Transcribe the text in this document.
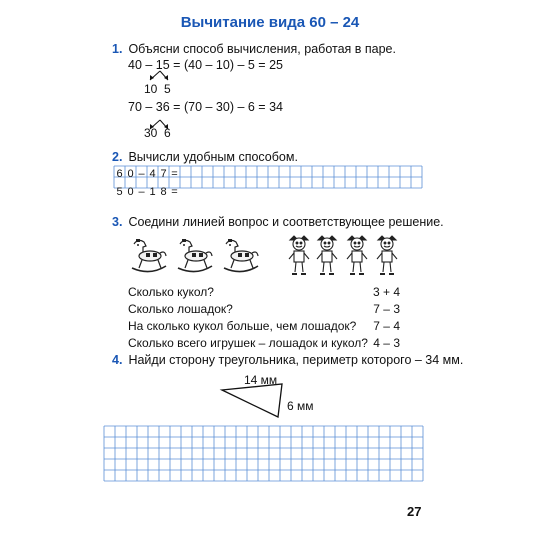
Вычитание вида 60 – 24
1. Объясни способ вычисления, работая в паре.
40 – 15 = (40 – 10) – 5 = 25
10 5
70 – 36 = (70 – 30) – 6 = 34
30 6
2. Вычисли удобным способом.
6 0 – 4 7 =
5 0 – 1 8 =
3. Соедини линией вопрос и соответствующее решение.
Сколько кукол?
Сколько лошадок?
На сколько кукол больше, чем лошадок?
Сколько всего игрушек – лошадок и кукол?
3 + 4
7 – 3
7 – 4
4 – 3
4. Найди сторону треугольника, периметр которого – 34 мм.
14 мм
6 мм
27
